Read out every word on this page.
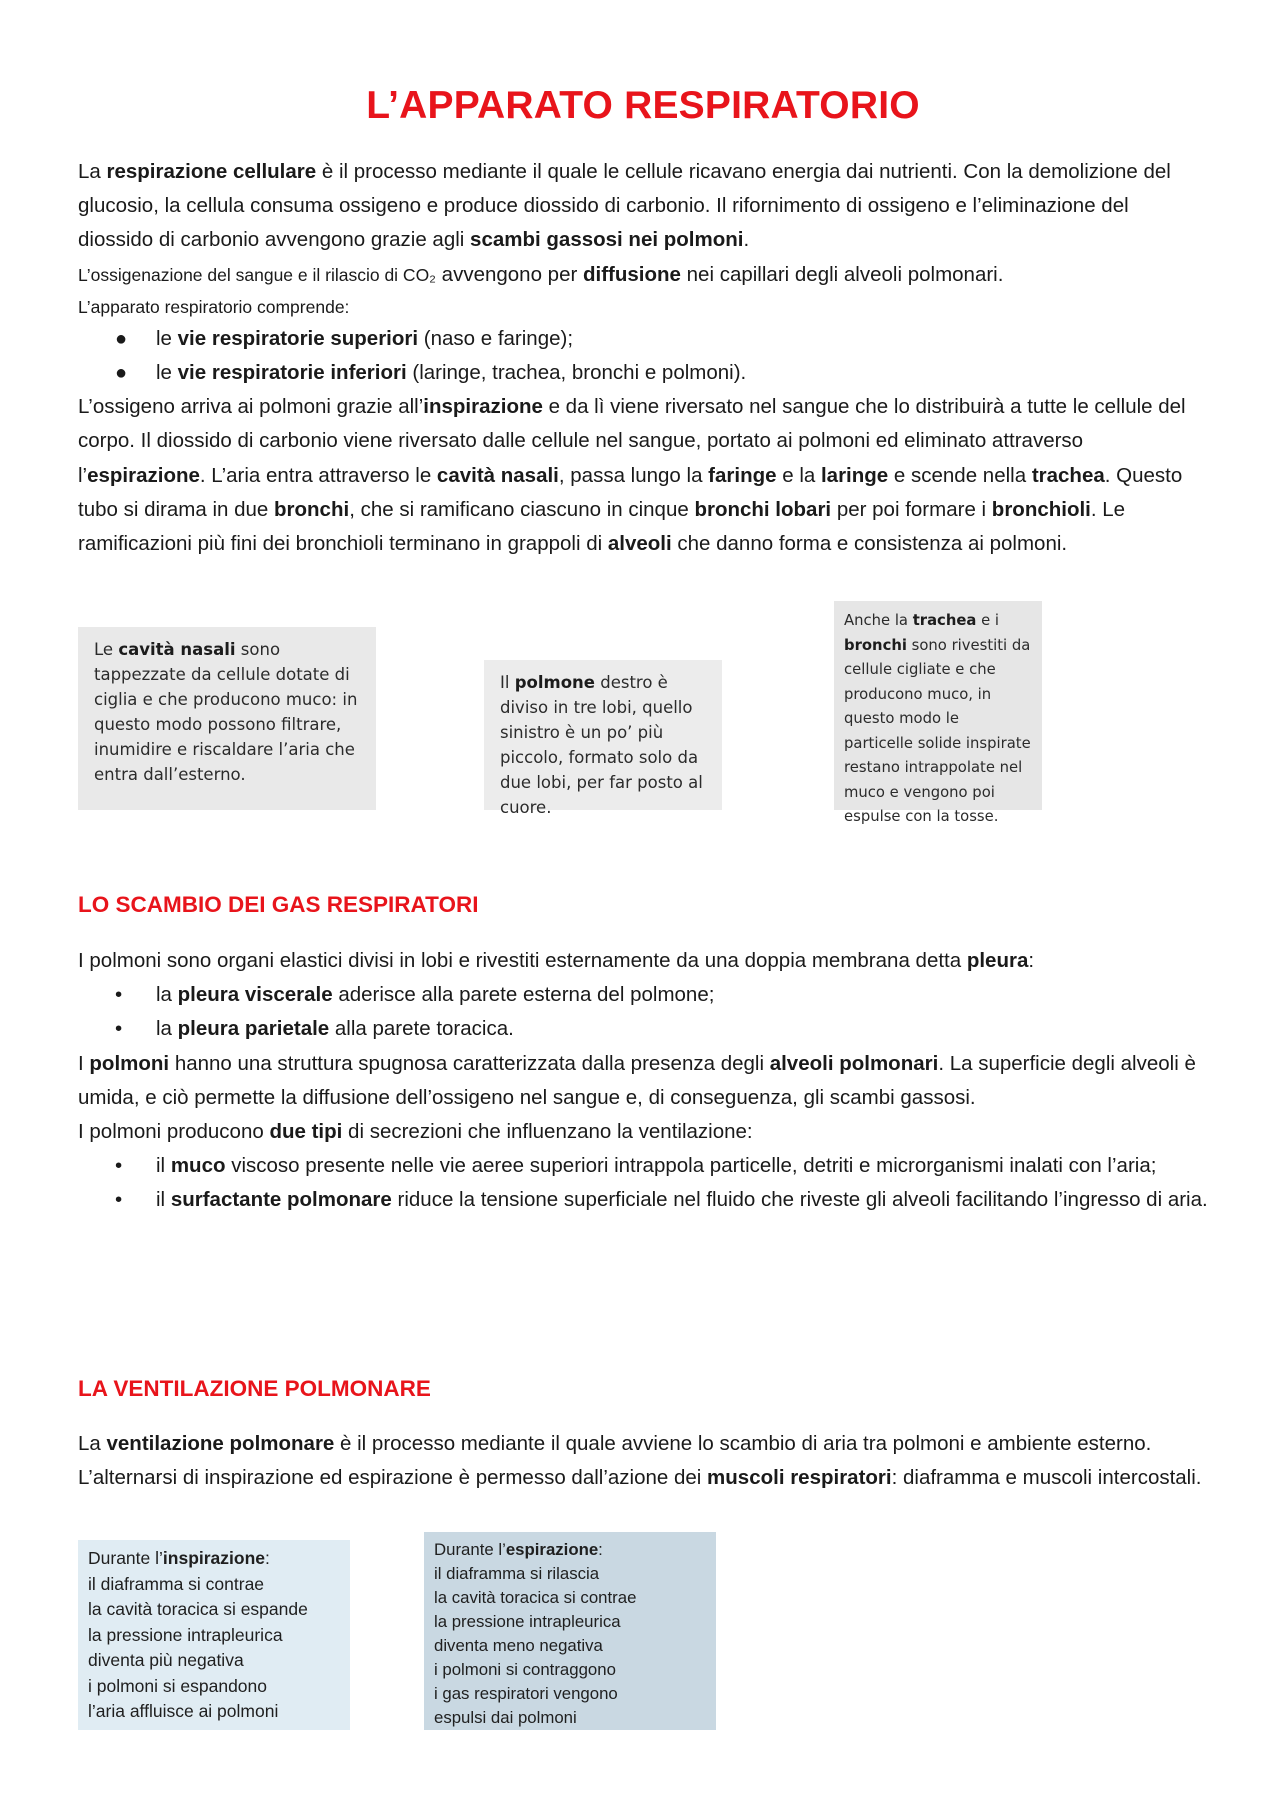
L’APPARATO RESPIRATORIO

La respirazione cellulare è il processo mediante il quale le cellule ricavano energia dai nutrienti. Con la demolizione del glucosio, la cellula consuma ossigeno e produce diossido di carbonio. Il rifornimento di ossigeno e l’eliminazione del diossido di carbonio avvengono grazie agli scambi gassosi nei polmoni.

L’ossigenazione del sangue e il rilascio di CO₂ avvengono per diffusione nei capillari degli alveoli polmonari.

L’apparato respiratorio comprende:

● le vie respiratorie superiori (naso e faringe);
● le vie respiratorie inferiori (laringe, trachea, bronchi e polmoni).

L’ossigeno arriva ai polmoni grazie all’inspirazione e da lì viene riversato nel sangue che lo distribuirà a tutte le cellule del corpo. Il diossido di carbonio viene riversato dalle cellule nel sangue, portato ai polmoni ed eliminato attraverso l’espirazione. L’aria entra attraverso le cavità nasali, passa lungo la faringe e la laringe e scende nella trachea. Questo tubo si dirama in due bronchi, che si ramificano ciascuno in cinque bronchi lobari per poi formare i bronchioli. Le ramificazioni più fini dei bronchioli terminano in grappoli di alveoli che danno forma e consistenza ai polmoni.

Le cavità nasali sono tappezzate da cellule dotate di ciglia e che producono muco: in questo modo possono filtrare, inumidire e riscaldare l’aria che entra dall’esterno.
Il polmone destro è diviso in tre lobi, quello sinistro è un po’ più piccolo, formato solo da due lobi, per far posto al cuore.
Anche la trachea e i bronchi sono rivestiti da cellule cigliate e che producono muco, in questo modo le particelle solide inspirate restano intrappolate nel muco e vengono poi espulse con la tosse.
LO SCAMBIO DEI GAS RESPIRATORI

I polmoni sono organi elastici divisi in lobi e rivestiti esternamente da una doppia membrana detta pleura:

• la pleura viscerale aderisce alla parete esterna del polmone;
• la pleura parietale alla parete toracica.

I polmoni hanno una struttura spugnosa caratterizzata dalla presenza degli alveoli polmonari. La superficie degli alveoli è umida, e ciò permette la diffusione dell’ossigeno nel sangue e, di conseguenza, gli scambi gassosi.

I polmoni producono due tipi di secrezioni che influenzano la ventilazione:

• il muco viscoso presente nelle vie aeree superiori intrappola particelle, detriti e microrganismi inalati con l’aria;
• il surfactante polmonare riduce la tensione superficiale nel fluido che riveste gli alveoli facilitando l’ingresso di aria.
LA VENTILAZIONE POLMONARE

La ventilazione polmonare è il processo mediante il quale avviene lo scambio di aria tra polmoni e ambiente esterno. L’alternarsi di inspirazione ed espirazione è permesso dall’azione dei muscoli respiratori: diaframma e muscoli intercostali.

Durante l’inspirazione:
il diaframma si contrae
la cavità toracica si espande
la pressione intrapleurica
diventa più negativa
i polmoni si espandono
l’aria affluisce ai polmoni
Durante l’espirazione:
il diaframma si rilascia
la cavità toracica si contrae
la pressione intrapleurica
diventa meno negativa
i polmoni si contraggono
i gas respiratori vengono
espulsi dai polmoni
